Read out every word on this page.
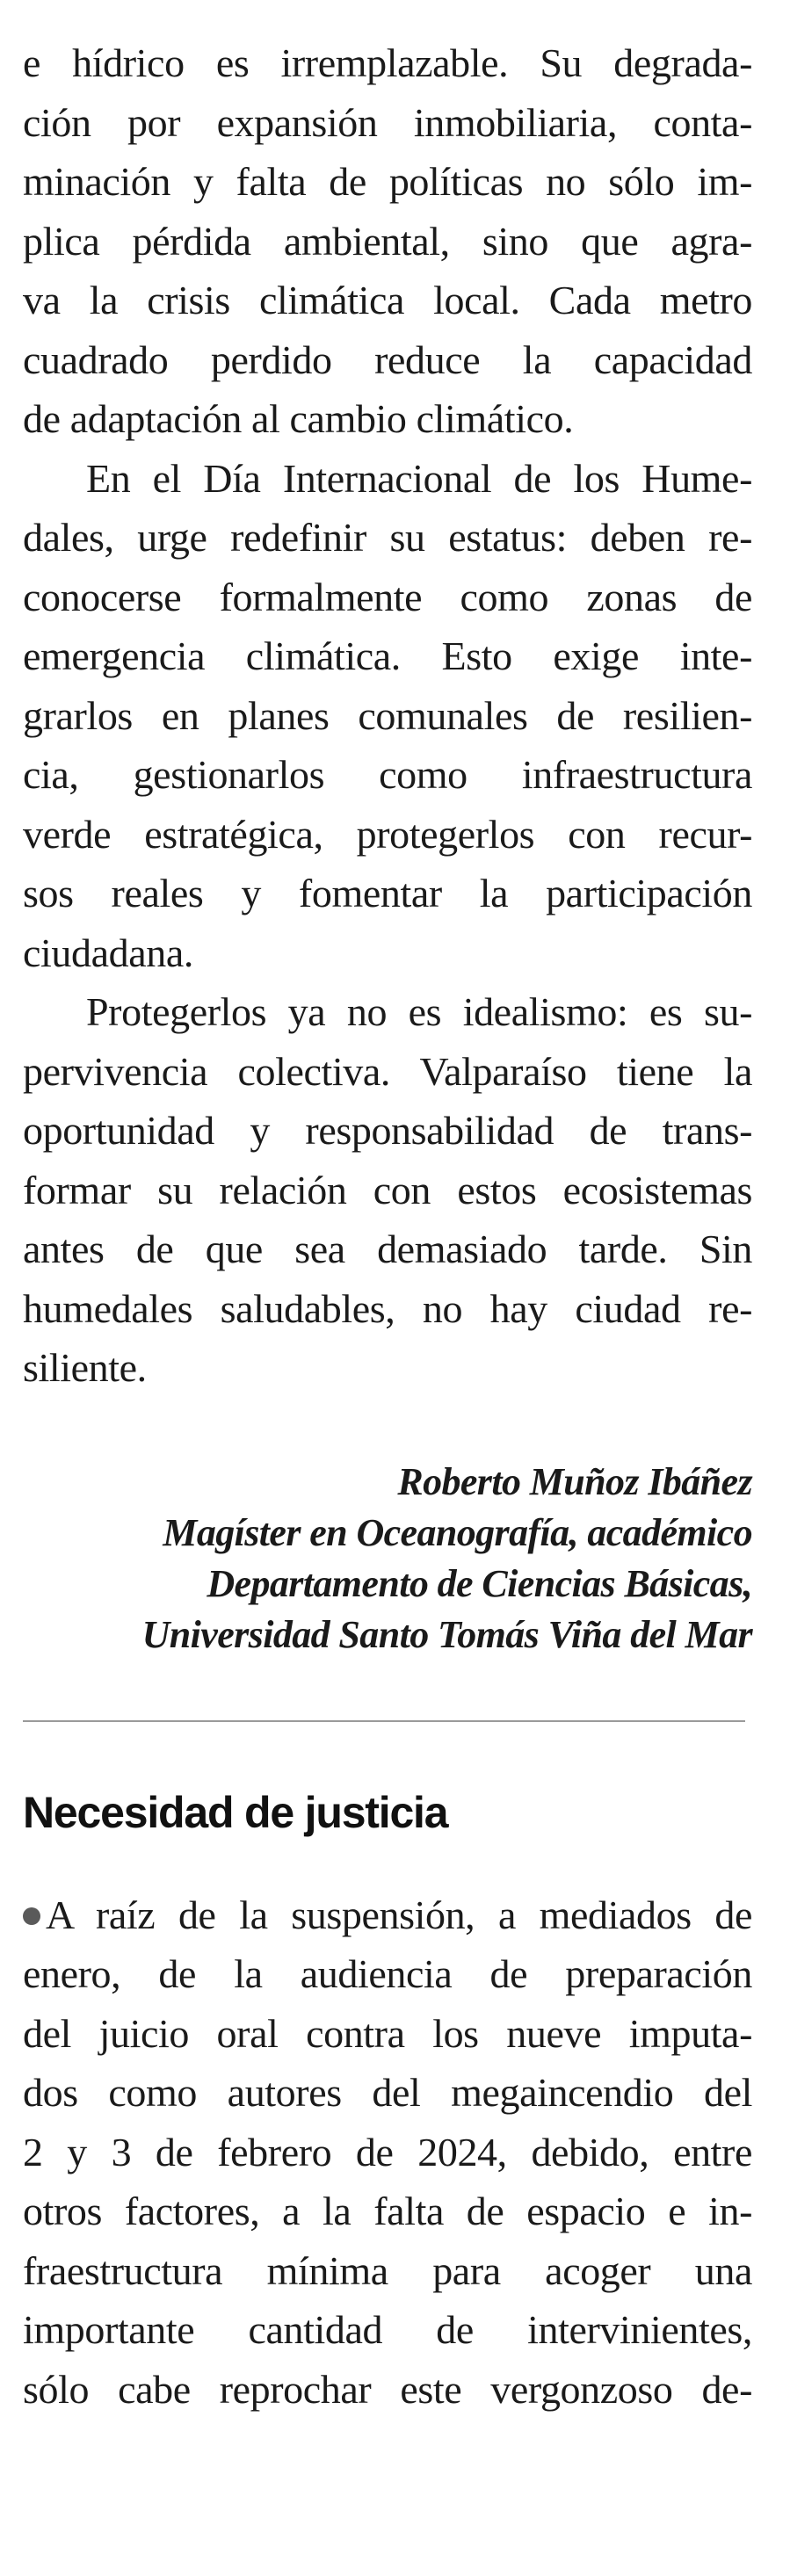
e hídrico es irremplazable. Su degrada-
ción por expansión inmobiliaria, conta-
minación y falta de políticas no sólo im-
plica pérdida ambiental, sino que agra-
va la crisis climática local. Cada metro
cuadrado perdido reduce la capacidad
de adaptación al cambio climático.
En el Día Internacional de los Hume-
dales, urge redefinir su estatus: deben re-
conocerse formalmente como zonas de
emergencia climática. Esto exige inte-
grarlos en planes comunales de resilien-
cia, gestionarlos como infraestructura
verde estratégica, protegerlos con recur-
sos reales y fomentar la participación
ciudadana.
Protegerlos ya no es idealismo: es su-
pervivencia colectiva. Valparaíso tiene la
oportunidad y responsabilidad de trans-
formar su relación con estos ecosistemas
antes de que sea demasiado tarde. Sin
humedales saludables, no hay ciudad re-
siliente.
Roberto Muñoz Ibáñez
Magíster en Oceanografía, académico
Departamento de Ciencias Básicas,
Universidad Santo Tomás Viña del Mar
Necesidad de justicia
A raíz de la suspensión, a mediados de
enero, de la audiencia de preparación
del juicio oral contra los nueve imputa-
dos como autores del megaincendio del
2 y 3 de febrero de 2024, debido, entre
otros factores, a la falta de espacio e in-
fraestructura mínima para acoger una
importante cantidad de intervinientes,
sólo cabe reprochar este vergonzoso de-
